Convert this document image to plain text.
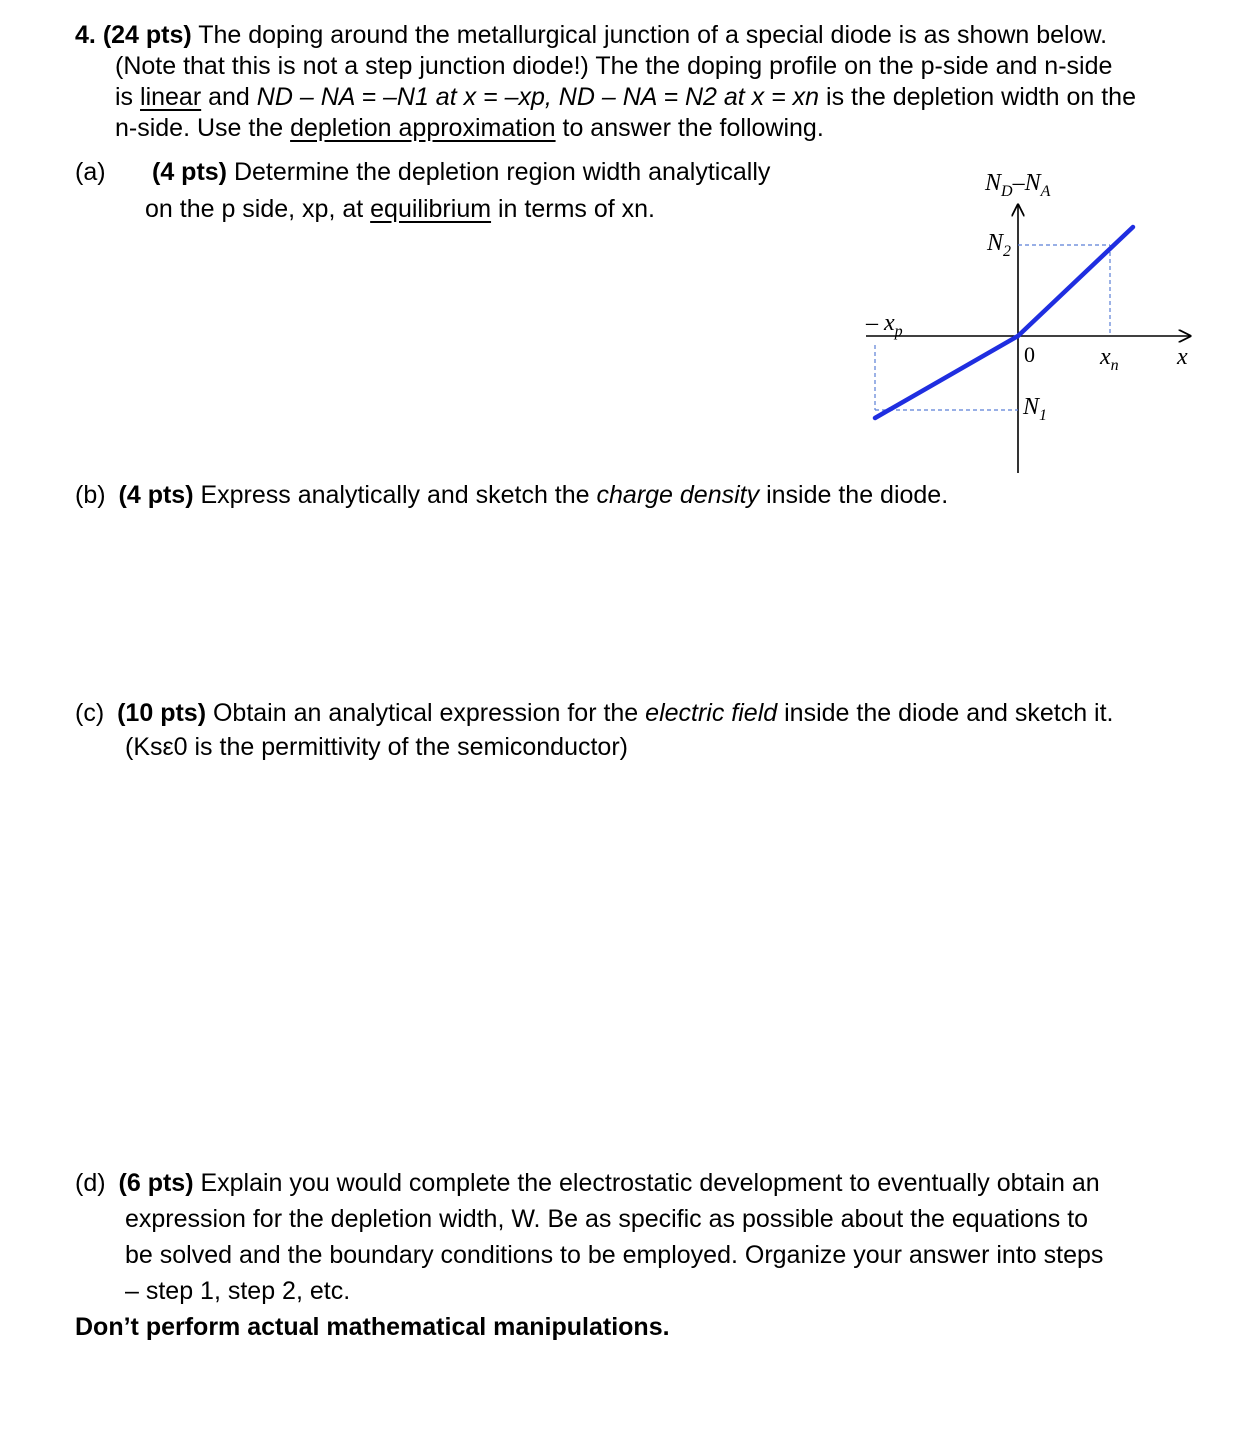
4. (24 pts) The doping around the metallurgical junction of a special diode is as shown below.
(Note that this is not a step junction diode!) The the doping profile on the p-side and n-side
is linear and ND – NA = –N1 at x = –xp, ND – NA = N2 at x = xn is the depletion width on the
n-side. Use the depletion approximation to answer the following.
(a) (4 pts) Determine the depletion region width analytically
on the p side, xp, at equilibrium in terms of xn.
$N_D-N_A$
$N_2$
– $x_p$
0	$x_n$ x
$N_1$
(b) (4 pts) Express analytically and sketch the charge density inside the diode.
(c) (10 pts) Obtain an analytical expression for the electric field inside the diode and sketch it.
(Ksε0 is the permittivity of the semiconductor)
(d) (6 pts) Explain you would complete the electrostatic development to eventually obtain an
expression for the depletion width, W. Be as specific as possible about the equations to
be solved and the boundary conditions to be employed. Organize your answer into steps
– step 1, step 2, etc.
Don’t perform actual mathematical manipulations.
